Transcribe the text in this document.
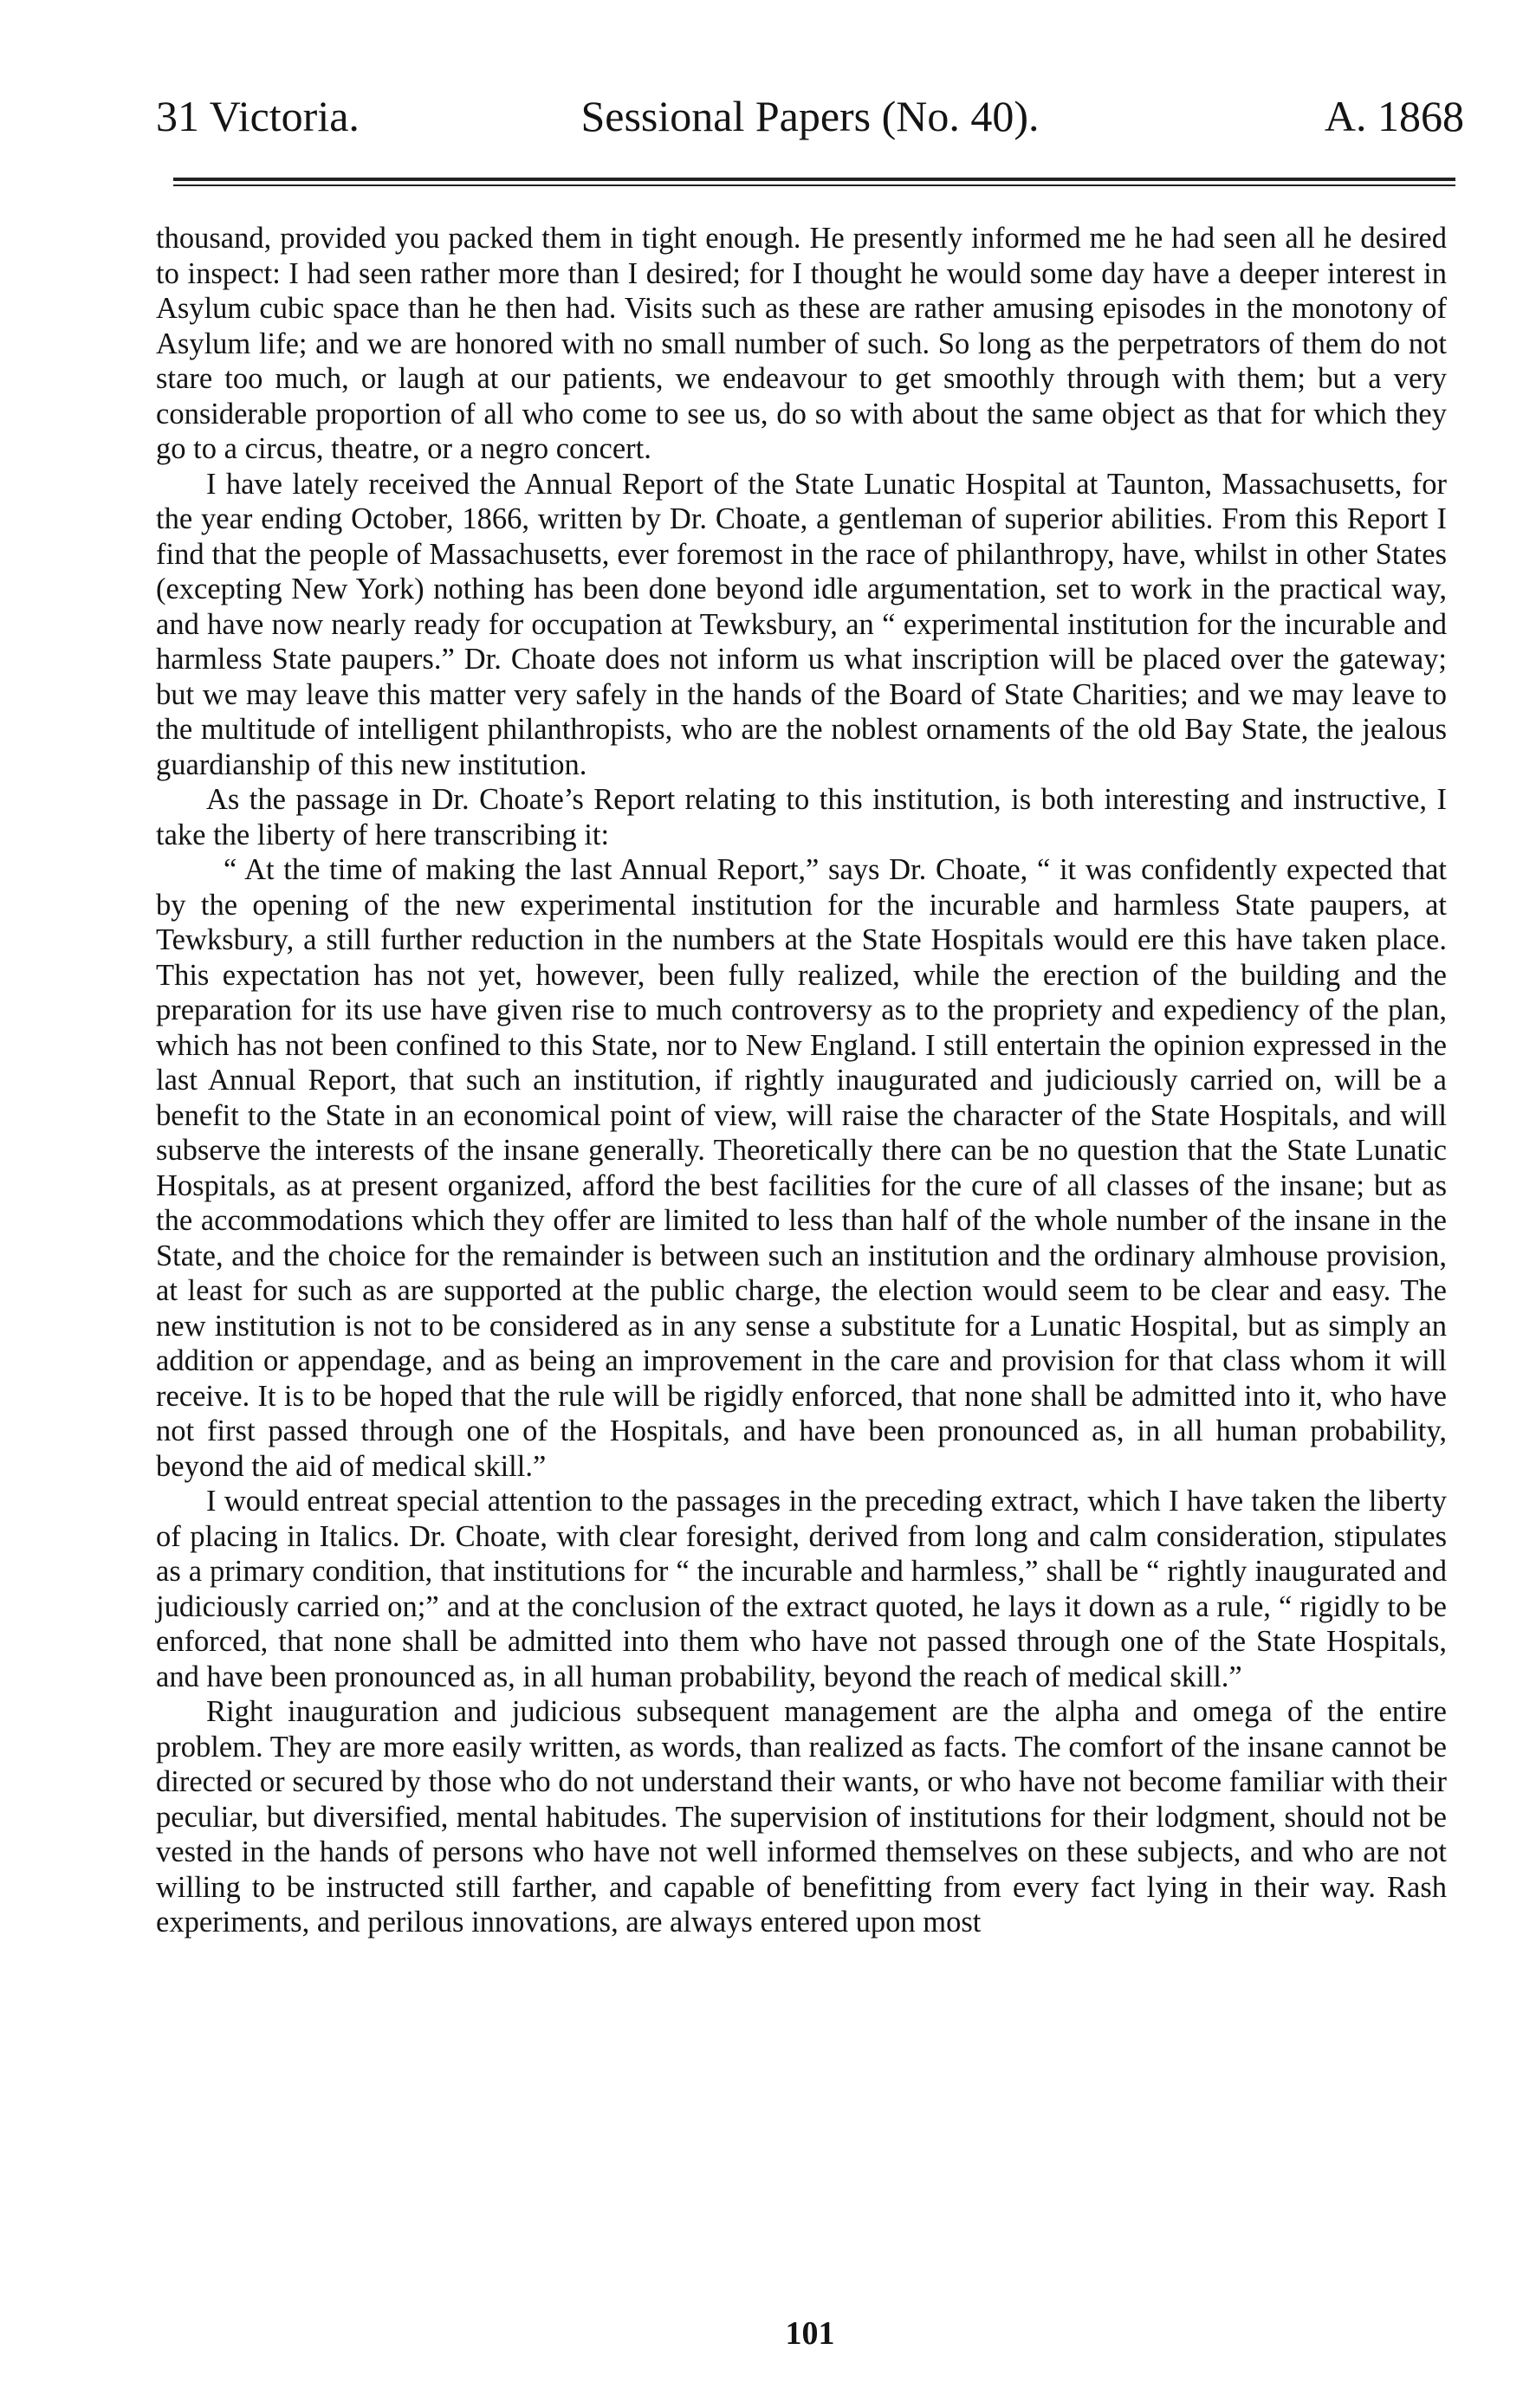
31 Victoria.	Sessional Papers (No. 40).	A. 1868

thousand, provided you packed them in tight enough. He presently informed me he had seen all he desired to inspect: I had seen rather more than I desired; for I thought he would some day have a deeper interest in Asylum cubic space than he then had. Visits such as these are rather amusing episodes in the monotony of Asylum life; and we are honored with no small number of such. So long as the perpetrators of them do not stare too much, or laugh at our patients, we endeavour to get smoothly through with them; but a very considerable proportion of all who come to see us, do so with about the same object as that for which they go to a circus, theatre, or a negro concert.

I have lately received the Annual Report of the State Lunatic Hospital at Taunton, Massachusetts, for the year ending October, 1866, written by Dr. Choate, a gentleman of superior abilities. From this Report I find that the people of Massachusetts, ever foremost in the race of philanthropy, have, whilst in other States (excepting New York) nothing has been done beyond idle argumentation, set to work in the practical way, and have now nearly ready for occupation at Tewksbury, an “ experimental institution for the incurable and harmless State paupers.” Dr. Choate does not inform us what inscription will be placed over the gateway; but we may leave this matter very safely in the hands of the Board of State Charities; and we may leave to the multitude of intelligent philanthropists, who are the noblest ornaments of the old Bay State, the jealous guardianship of this new institution.

As the passage in Dr. Choate’s Report relating to this institution, is both interesting and instructive, I take the liberty of here transcribing it:

“ At the time of making the last Annual Report,” says Dr. Choate, “ it was confidently expected that by the opening of the new experimental institution for the incurable and harmless State paupers, at Tewksbury, a still further reduction in the numbers at the State Hospitals would ere this have taken place. This expectation has not yet, however, been fully realized, while the erection of the building and the preparation for its use have given rise to much controversy as to the propriety and expediency of the plan, which has not been confined to this State, nor to New England. I still entertain the opinion expressed in the last Annual Report, that such an institution, if rightly inaugurated and judiciously carried on, will be a benefit to the State in an economical point of view, will raise the character of the State Hospitals, and will subserve the interests of the insane generally. Theoretically there can be no question that the State Lunatic Hospitals, as at present organized, afford the best facilities for the cure of all classes of the insane; but as the accommodations which they offer are limited to less than half of the whole number of the insane in the State, and the choice for the remainder is between such an institution and the ordinary almhouse provision, at least for such as are supported at the public charge, the election would seem to be clear and easy. The new institution is not to be considered as in any sense a substitute for a Lunatic Hospital, but as simply an addition or appendage, and as being an improvement in the care and provision for that class whom it will receive. It is to be hoped that the rule will be rigidly enforced, that none shall be admitted into it, who have not first passed through one of the Hospitals, and have been pronounced as, in all human probability, beyond the aid of medical skill.”

I would entreat special attention to the passages in the preceding extract, which I have taken the liberty of placing in Italics. Dr. Choate, with clear foresight, derived from long and calm consideration, stipulates as a primary condition, that institutions for “ the incurable and harmless,” shall be “ rightly inaugurated and judiciously carried on;” and at the conclusion of the extract quoted, he lays it down as a rule, “ rigidly to be enforced, that none shall be admitted into them who have not passed through one of the State Hospitals, and have been pronounced as, in all human probability, beyond the reach of medical skill.”

Right inauguration and judicious subsequent management are the alpha and omega of the entire problem. They are more easily written, as words, than realized as facts. The comfort of the insane cannot be directed or secured by those who do not understand their wants, or who have not become familiar with their peculiar, but diversified, mental habitudes. The supervision of institutions for their lodgment, should not be vested in the hands of persons who have not well informed themselves on these subjects, and who are not willing to be instructed still farther, and capable of benefitting from every fact lying in their way. Rash experiments, and perilous innovations, are always entered upon most

101
